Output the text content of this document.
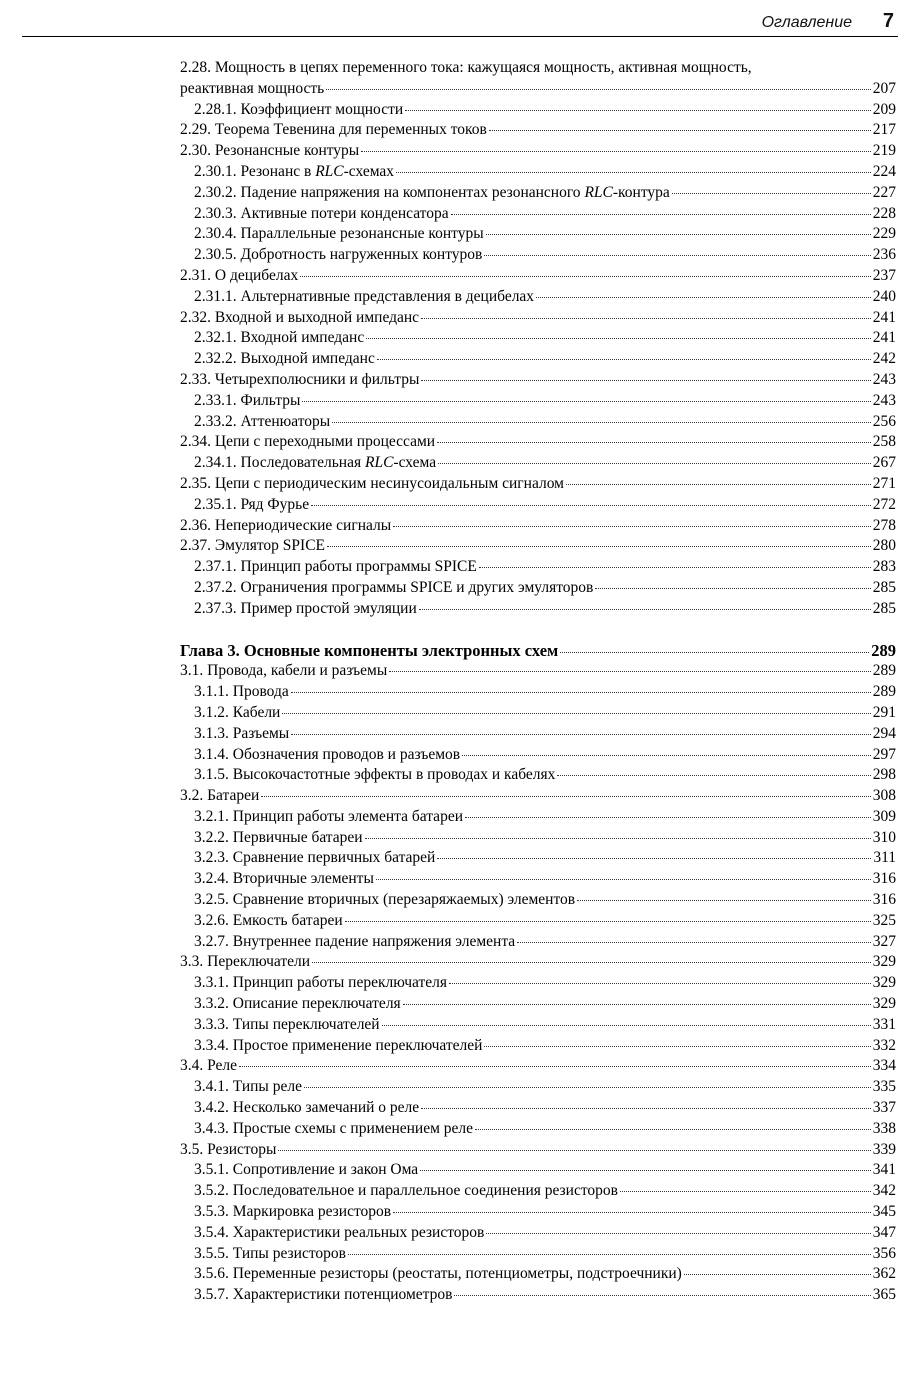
Оглавление 7
2.28. Мощность в цепях переменного тока: кажущаяся мощность, активная мощность,
реактивная мощность	207
2.28.1. Коэффициент мощности	209
2.29. Теорема Тевенина для переменных токов	217
2.30. Резонансные контуры	219
2.30.1. Резонанс в RLC-схемах	224
2.30.2. Падение напряжения на компонентах резонансного RLC-контура	227
2.30.3. Активные потери конденсатора	228
2.30.4. Параллельные резонансные контуры	229
2.30.5. Добротность нагруженных контуров	236
2.31. О децибелах	237
2.31.1. Альтернативные представления в децибелах	240
2.32. Входной и выходной импеданс	241
2.32.1. Входной импеданс	241
2.32.2. Выходной импеданс	242
2.33. Четырехполюсники и фильтры	243
2.33.1. Фильтры	243
2.33.2. Аттенюаторы	256
2.34. Цепи с переходными процессами	258
2.34.1. Последовательная RLC-схема	267
2.35. Цепи с периодическим несинусоидальным сигналом	271
2.35.1. Ряд Фурье	272
2.36. Непериодические сигналы	278
2.37. Эмулятор SPICE	280
2.37.1. Принцип работы программы SPICE	283
2.37.2. Ограничения программы SPICE и других эмуляторов	285
2.37.3. Пример простой эмуляции	285
Глава 3. Основные компоненты электронных схем	289
3.1. Провода, кабели и разъемы	289
3.1.1. Провода	289
3.1.2. Кабели	291
3.1.3. Разъемы	294
3.1.4. Обозначения проводов и разъемов	297
3.1.5. Высокочастотные эффекты в проводах и кабелях	298
3.2. Батареи	308
3.2.1. Принцип работы элемента батареи	309
3.2.2. Первичные батареи	310
3.2.3. Сравнение первичных батарей	311
3.2.4. Вторичные элементы	316
3.2.5. Сравнение вторичных (перезаряжаемых) элементов	316
3.2.6. Емкость батареи	325
3.2.7. Внутреннее падение напряжения элемента	327
3.3. Переключатели	329
3.3.1. Принцип работы переключателя	329
3.3.2. Описание переключателя	329
3.3.3. Типы переключателей	331
3.3.4. Простое применение переключателей	332
3.4. Реле	334
3.4.1. Типы реле	335
3.4.2. Несколько замечаний о реле	337
3.4.3. Простые схемы с применением реле	338
3.5. Резисторы	339
3.5.1. Сопротивление и закон Ома	341
3.5.2. Последовательное и параллельное соединения резисторов	342
3.5.3. Маркировка резисторов	345
3.5.4. Характеристики реальных резисторов	347
3.5.5. Типы резисторов	356
3.5.6. Переменные резисторы (реостаты, потенциометры, подстроечники)	362
3.5.7. Характеристики потенциометров	365
